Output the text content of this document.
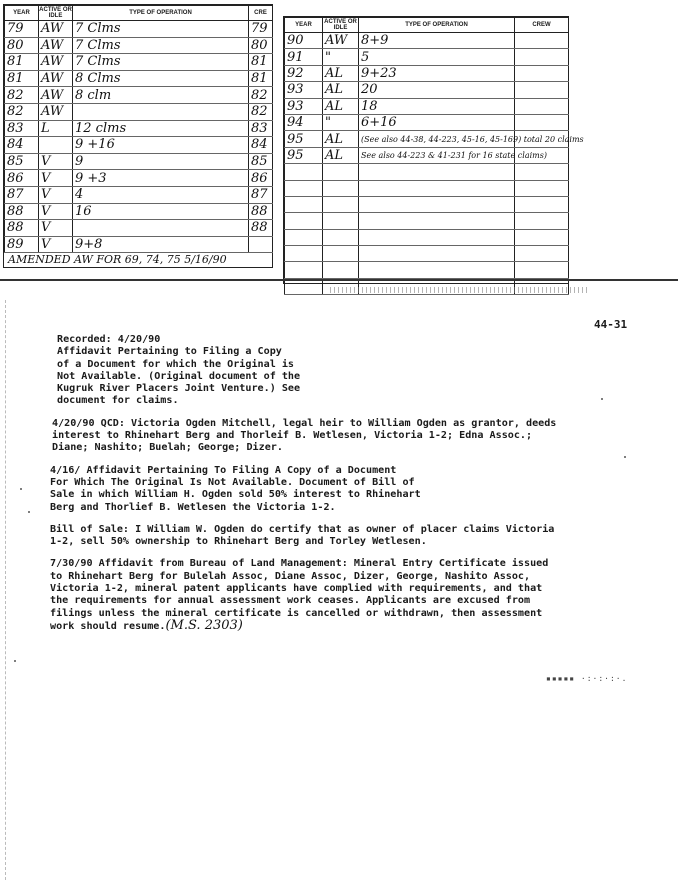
YEAR	ACTIVE OR IDLE	TYPE OF OPERATION	CRE
79	AW	7 Clms	79
80	AW	7 Clms	80
81	AW	7 Clms	81
81	AW	8 Clms	81
82	AW	8 clm	82
82	AW		82
83	L	12 clms	83
84		9 +16	84
85	V	9	85
86	V	9 +3	86
87	V	4	87
88	V	16	88
88	V		88
89	V	9+8	
AMENDED AW FOR 69, 74, 75 5/16/90
YEAR	ACTIVE OR IDLE	TYPE OF OPERATION	CREW
90	AW	8+9	
91	"	5	
92	AL	9+23	
93	AL	20	
93	AL	18	
94	"	6+16	
95	AL	(See also 44-38, 44-223, 45-16, 45-169) total 20 claims	
95	AL	See also 44-223 & 41-231 for 16 state claims)	

44-31

Recorded: 4/20/90
Affidavit Pertaining to Filing a Copy
of a Document for which the Original is
Not Available. (Original document of the
Kugruk River Placers Joint Venture.) See
document for claims.

4/20/90 QCD: Victoria Ogden Mitchell, legal heir to William Ogden as grantor, deeds
interest to Rhinehart Berg and Thorleif B. Wetlesen, Victoria 1-2; Edna Assoc.;
Diane; Nashito; Buelah; George; Dizer.

4/16/ Affidavit Pertaining To Filing A Copy of a Document
For Which The Original Is Not Available. Document of Bill of
Sale in which William H. Ogden sold 50% interest to Rhinehart
Berg and Thorlief B. Wetlesen the Victoria 1-2.

Bill of Sale: I William W. Ogden do certify that as owner of placer claims Victoria
1-2, sell 50% ownership to Rhinehart Berg and Torley Wetlesen.

7/30/90 Affidavit from Bureau of Land Management: Mineral Entry Certificate issued
to Rhinehart Berg for Bulelah Assoc, Diane Assoc, Dizer, George, Nashito Assoc,
Victoria 1-2, mineral patent applicants have complied with requirements, and that
the requirements for annual assessment work ceases. Applicants are excused from
filings unless the mineral certificate is cancelled or withdrawn, then assessment
work should resume.(M.S. 2303)

▪▪▪▪▪ ·:·:·:·.
